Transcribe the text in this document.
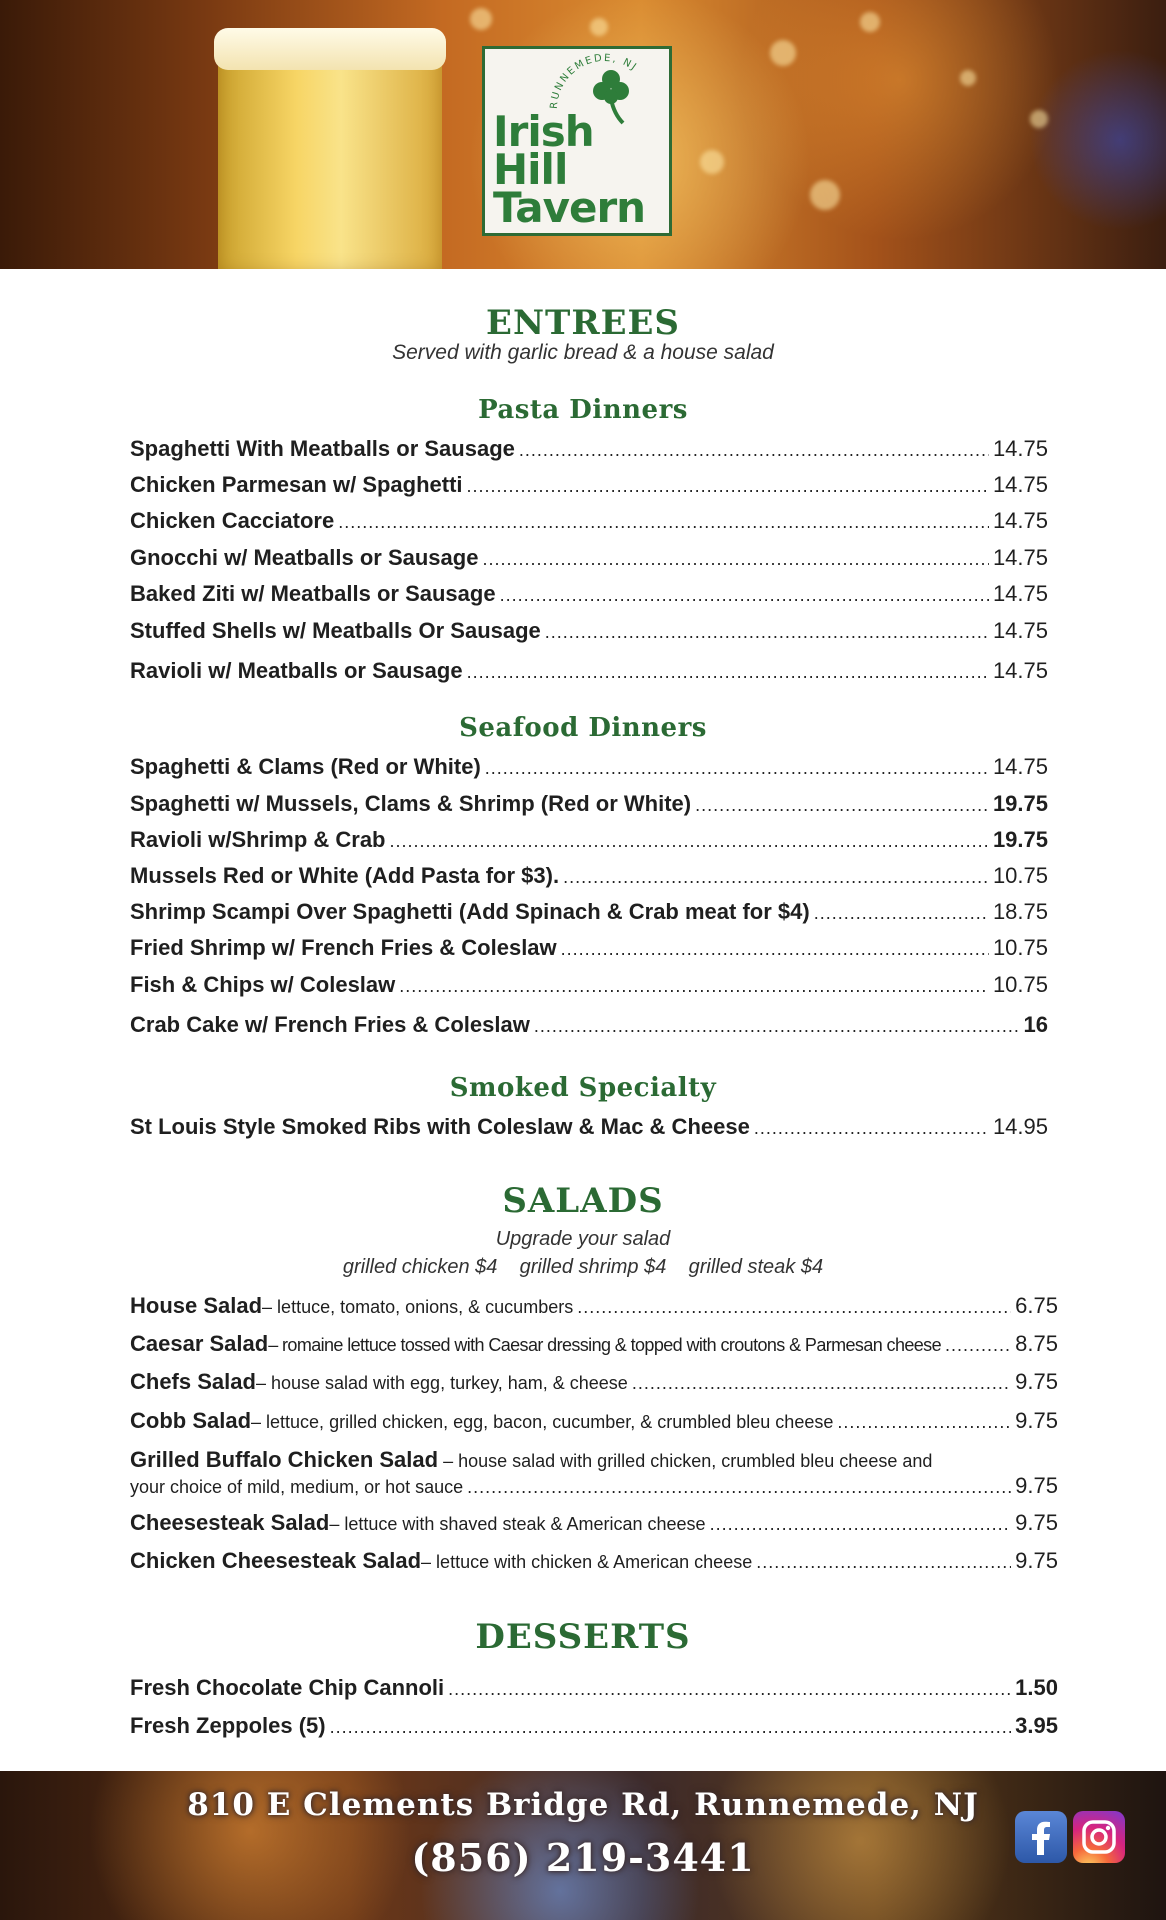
RUNNEMEDE, NJ
Irish
Hill
Tavern
ENTREES
Served with garlic bread & a house salad
Pasta Dinners
Spaghetti With Meatballs or Sausage .....	14.75
Chicken Parmesan w/ Spaghetti .....	14.75
Chicken Cacciatore .....	14.75
Gnocchi w/ Meatballs or Sausage .....	14.75
Baked Ziti w/ Meatballs or Sausage .....	14.75
Stuffed Shells w/ Meatballs Or Sausage .....	14.75
Ravioli w/ Meatballs or Sausage .....	14.75
Seafood Dinners
Spaghetti & Clams (Red or White) .....	14.75
Spaghetti w/ Mussels, Clams & Shrimp (Red or White) .....	19.75
Ravioli w/Shrimp & Crab .....	19.75
Mussels Red or White (Add Pasta for $3). .....	10.75
Shrimp Scampi Over Spaghetti (Add Spinach & Crab meat for $4) .....	18.75
Fried Shrimp w/ French Fries & Coleslaw .....	10.75
Fish & Chips w/ Coleslaw .....	10.75
Crab Cake w/ French Fries & Coleslaw .....	16
Smoked Specialty
St Louis Style Smoked Ribs with Coleslaw & Mac & Cheese .....	14.95
SALADS
Upgrade your salad
grilled chicken $4    grilled shrimp $4    grilled steak $4
House Salad – lettuce, tomato, onions, & cucumbers .....	6.75
Caesar Salad – romaine lettuce tossed with Caesar dressing & topped with croutons & Parmesan cheese .....	8.75
Chefs Salad – house salad with egg, turkey, ham, & cheese .....	9.75
Cobb Salad – lettuce, grilled chicken, egg, bacon, cucumber, & crumbled bleu cheese .....	9.75
Grilled Buffalo Chicken Salad – house salad with grilled chicken, crumbled bleu cheese and
your choice of mild, medium, or hot sauce .....	9.75
Cheesesteak Salad – lettuce with shaved steak & American cheese .....	9.75
Chicken Cheesesteak Salad – lettuce with chicken & American cheese .....	9.75
DESSERTS
Fresh Chocolate Chip Cannoli .....	1.50
Fresh Zeppoles (5) .....	3.95
810 E Clements Bridge Rd, Runnemede, NJ
(856) 219-3441
